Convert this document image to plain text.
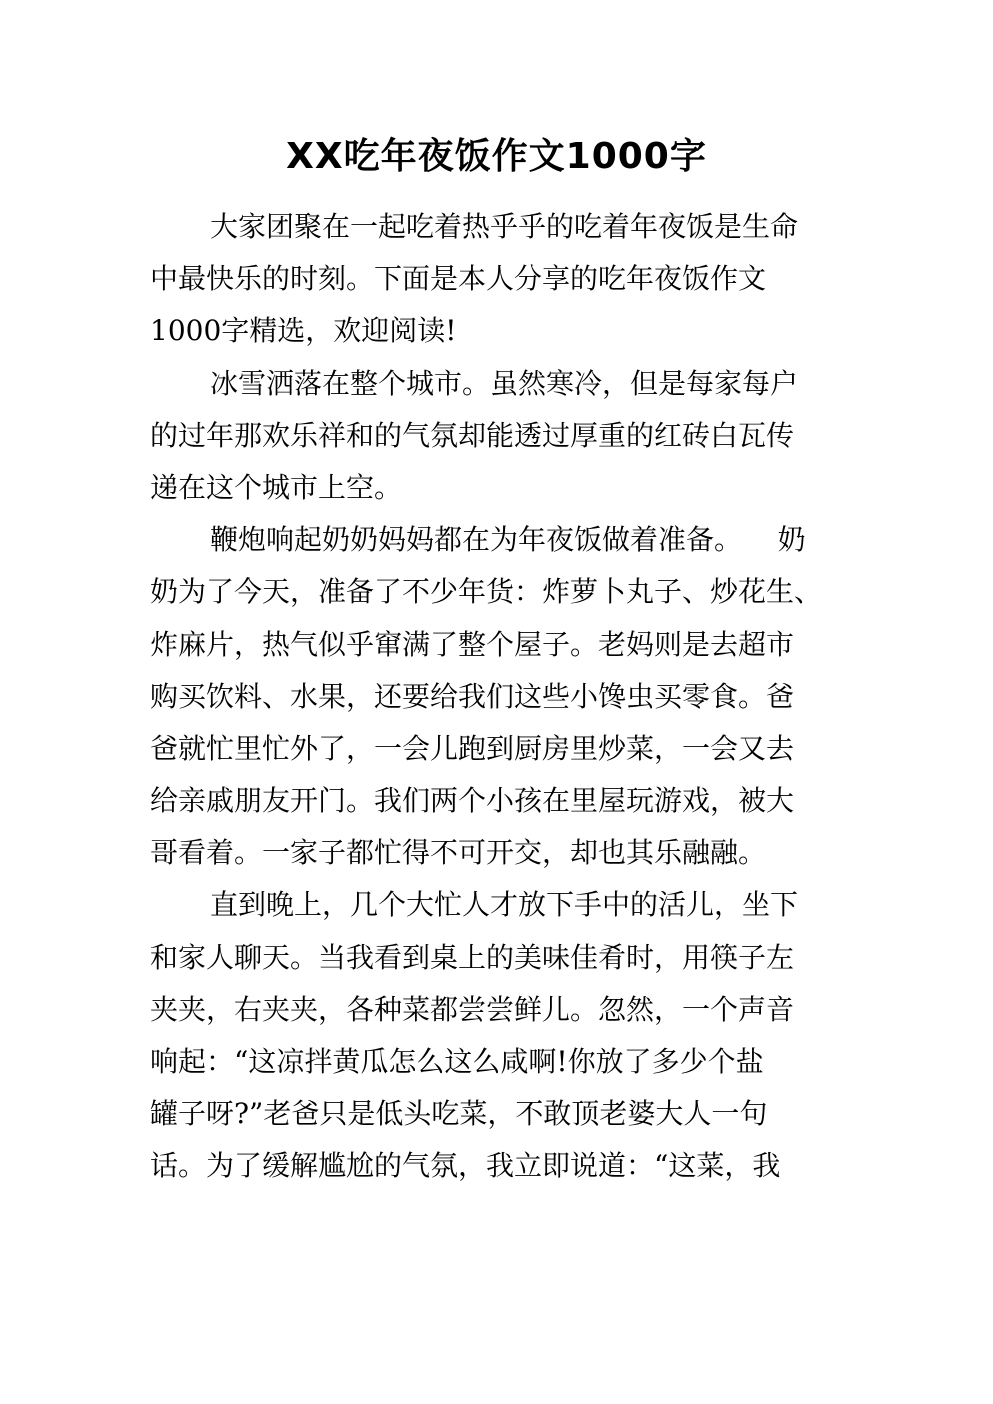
XX吃年夜饭作文1000字
大家团聚在一起吃着热乎乎的吃着年夜饭是生命
中最快乐的时刻。下面是本人分享的吃年夜饭作文
1000字精选，欢迎阅读!
冰雪洒落在整个城市。虽然寒冷，但是每家每户
的过年那欢乐祥和的气氛却能透过厚重的红砖白瓦传
递在这个城市上空。
鞭炮响起奶奶妈妈都在为年夜饭做着准备。    奶
奶为了今天，准备了不少年货：炸萝卜丸子、炒花生、
炸麻片，热气似乎窜满了整个屋子。老妈则是去超市
购买饮料、水果，还要给我们这些小馋虫买零食。爸
爸就忙里忙外了，一会儿跑到厨房里炒菜，一会又去
给亲戚朋友开门。我们两个小孩在里屋玩游戏，被大
哥看着。一家子都忙得不可开交，却也其乐融融。
直到晚上，几个大忙人才放下手中的活儿，坐下
和家人聊天。当我看到桌上的美味佳肴时，用筷子左
夹夹，右夹夹，各种菜都尝尝鲜儿。忽然，一个声音
响起：“这凉拌黄瓜怎么这么咸啊!你放了多少个盐
罐子呀?”老爸只是低头吃菜，不敢顶老婆大人一句
话。为了缓解尴尬的气氛，我立即说道：“这菜，我
